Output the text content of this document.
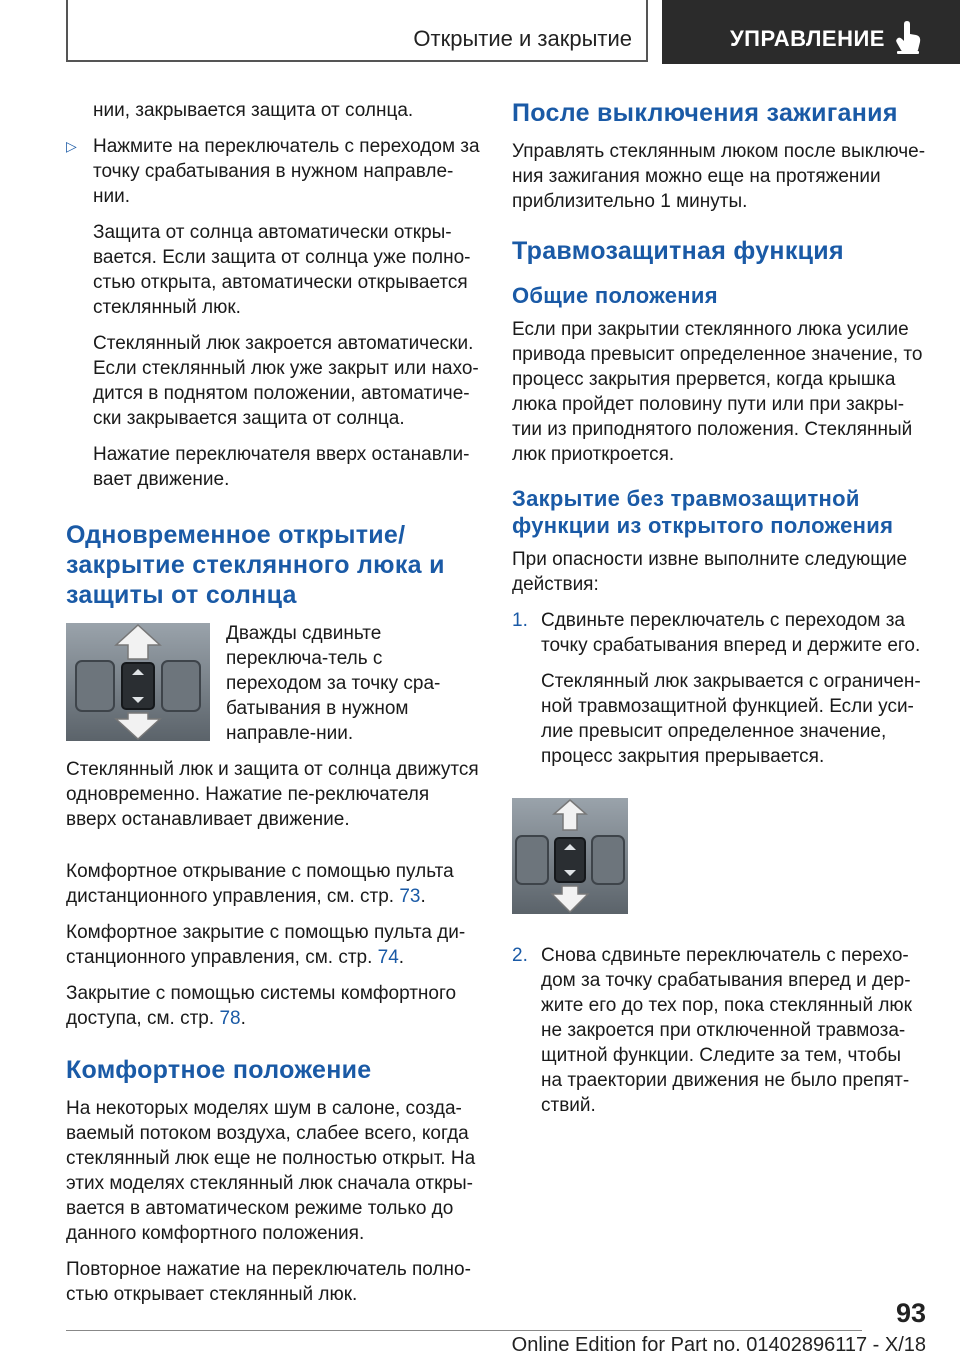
Открытие и закрытие	УПРАВЛЕНИЕ

нии, закрывается защита от солнца.

▷ Нажмите на переключатель с переходом за точку срабатывания в нужном направле-нии.

Защита от солнца автоматически откры-вается. Если защита от солнца уже полно-стью открыта, автоматически открывается стеклянный люк.

Стеклянный люк закроется автоматически. Если стеклянный люк уже закрыт или нахо-дится в поднятом положении, автоматиче-ски закрывается защита от солнца.

Нажатие переключателя вверх останавли-вает движение.

Одновременное открытие/ закрытие стеклянного люка и защиты от солнца

Дважды сдвиньте переключа-тель с переходом за точку сра-батывания в нужном направле-нии.

Стеклянный люк и защита от солнца движутся одновременно. Нажатие пе-реключателя вверх останавливает движение.

Комфортное открывание с помощью пульта дистанционного управления, см. стр. 73.

Комфортное закрытие с помощью пульта ди-станционного управления, см. стр. 74.

Закрытие с помощью системы комфортного доступа, см. стр. 78.

Комфортное положение

На некоторых моделях шум в салоне, созда-ваемый потоком воздуха, слабее всего, когда стеклянный люк еще не полностью открыт. На этих моделях стеклянный люк сначала откры-вается в автоматическом режиме только до данного комфортного положения.

Повторное нажатие на переключатель полно-стью открывает стеклянный люк.

После выключения зажигания

Управлять стеклянным люком после выключе-ния зажигания можно еще на протяжении приблизительно 1 минуты.

Травмозащитная функция
Общие положения

Если при закрытии стеклянного люка усилие привода превысит определенное значение, то процесс закрытия прервется, когда крышка люка пройдет половину пути или при закры-тии из приподнятого положения. Стеклянный люк приоткроется.

Закрытие без травмозащитной функции из открытого положения

При опасности извне выполните следующие действия:

1. Сдвиньте переключатель с переходом за точку срабатывания вперед и держите его.

Стеклянный люк закрывается с ограничен-ной травмозащитной функцией. Если уси-лие превысит определенное значение, процесс закрытия прерывается.

2. Снова сдвиньте переключатель с перехо-дом за точку срабатывания вперед и дер-жите его до тех пор, пока стеклянный люк не закроется при отключенной травмоза-щитной функции. Следите за тем, чтобы на траектории движения не было препят-ствий.

93
Online Edition for Part no. 01402896117 - X/18
